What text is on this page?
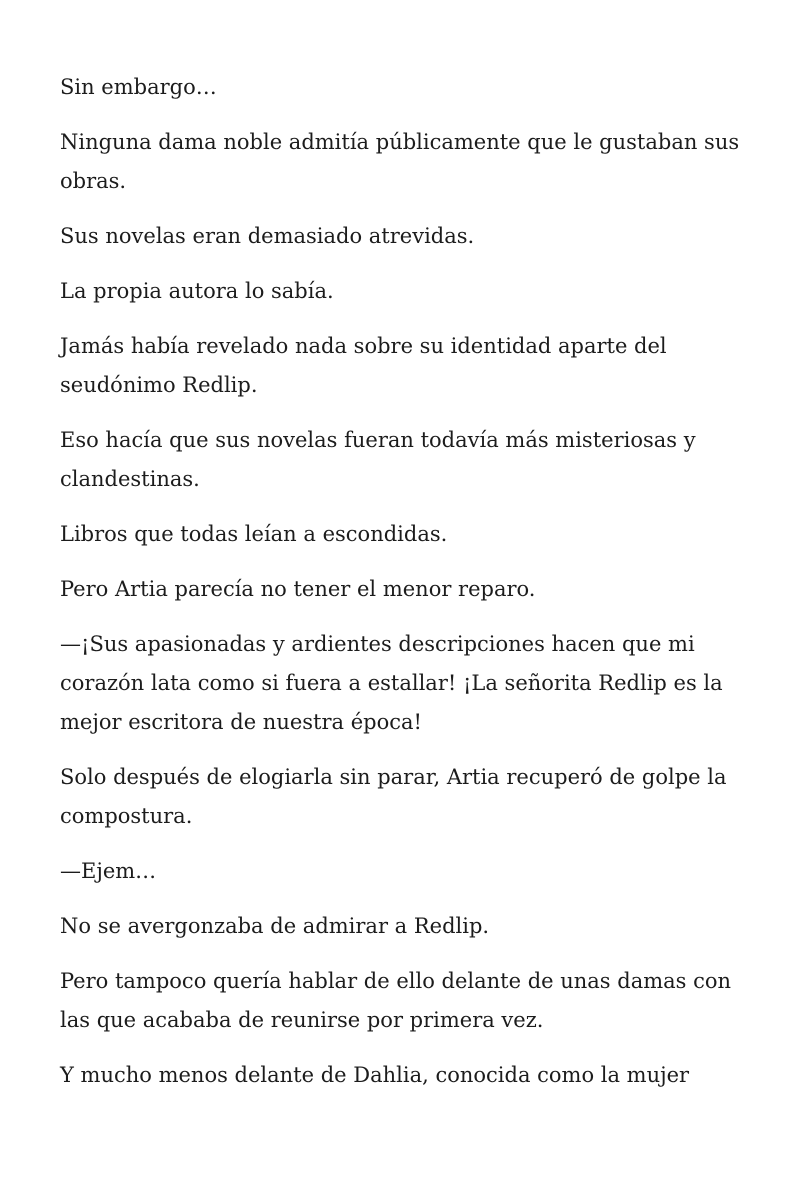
Sin embargo…

Ninguna dama noble admitía públicamente que le gustaban sus obras.

Sus novelas eran demasiado atrevidas.

La propia autora lo sabía.

Jamás había revelado nada sobre su identidad aparte del seudónimo Redlip.

Eso hacía que sus novelas fueran todavía más misteriosas y clandestinas.

Libros que todas leían a escondidas.

Pero Artia parecía no tener el menor reparo.

—¡Sus apasionadas y ardientes descripciones hacen que mi corazón lata como si fuera a estallar! ¡La señorita Redlip es la mejor escritora de nuestra época!

Solo después de elogiarla sin parar, Artia recuperó de golpe la compostura.

—Ejem…

No se avergonzaba de admirar a Redlip.

Pero tampoco quería hablar de ello delante de unas damas con las que acababa de reunirse por primera vez.

Y mucho menos delante de Dahlia, conocida como la mujer
